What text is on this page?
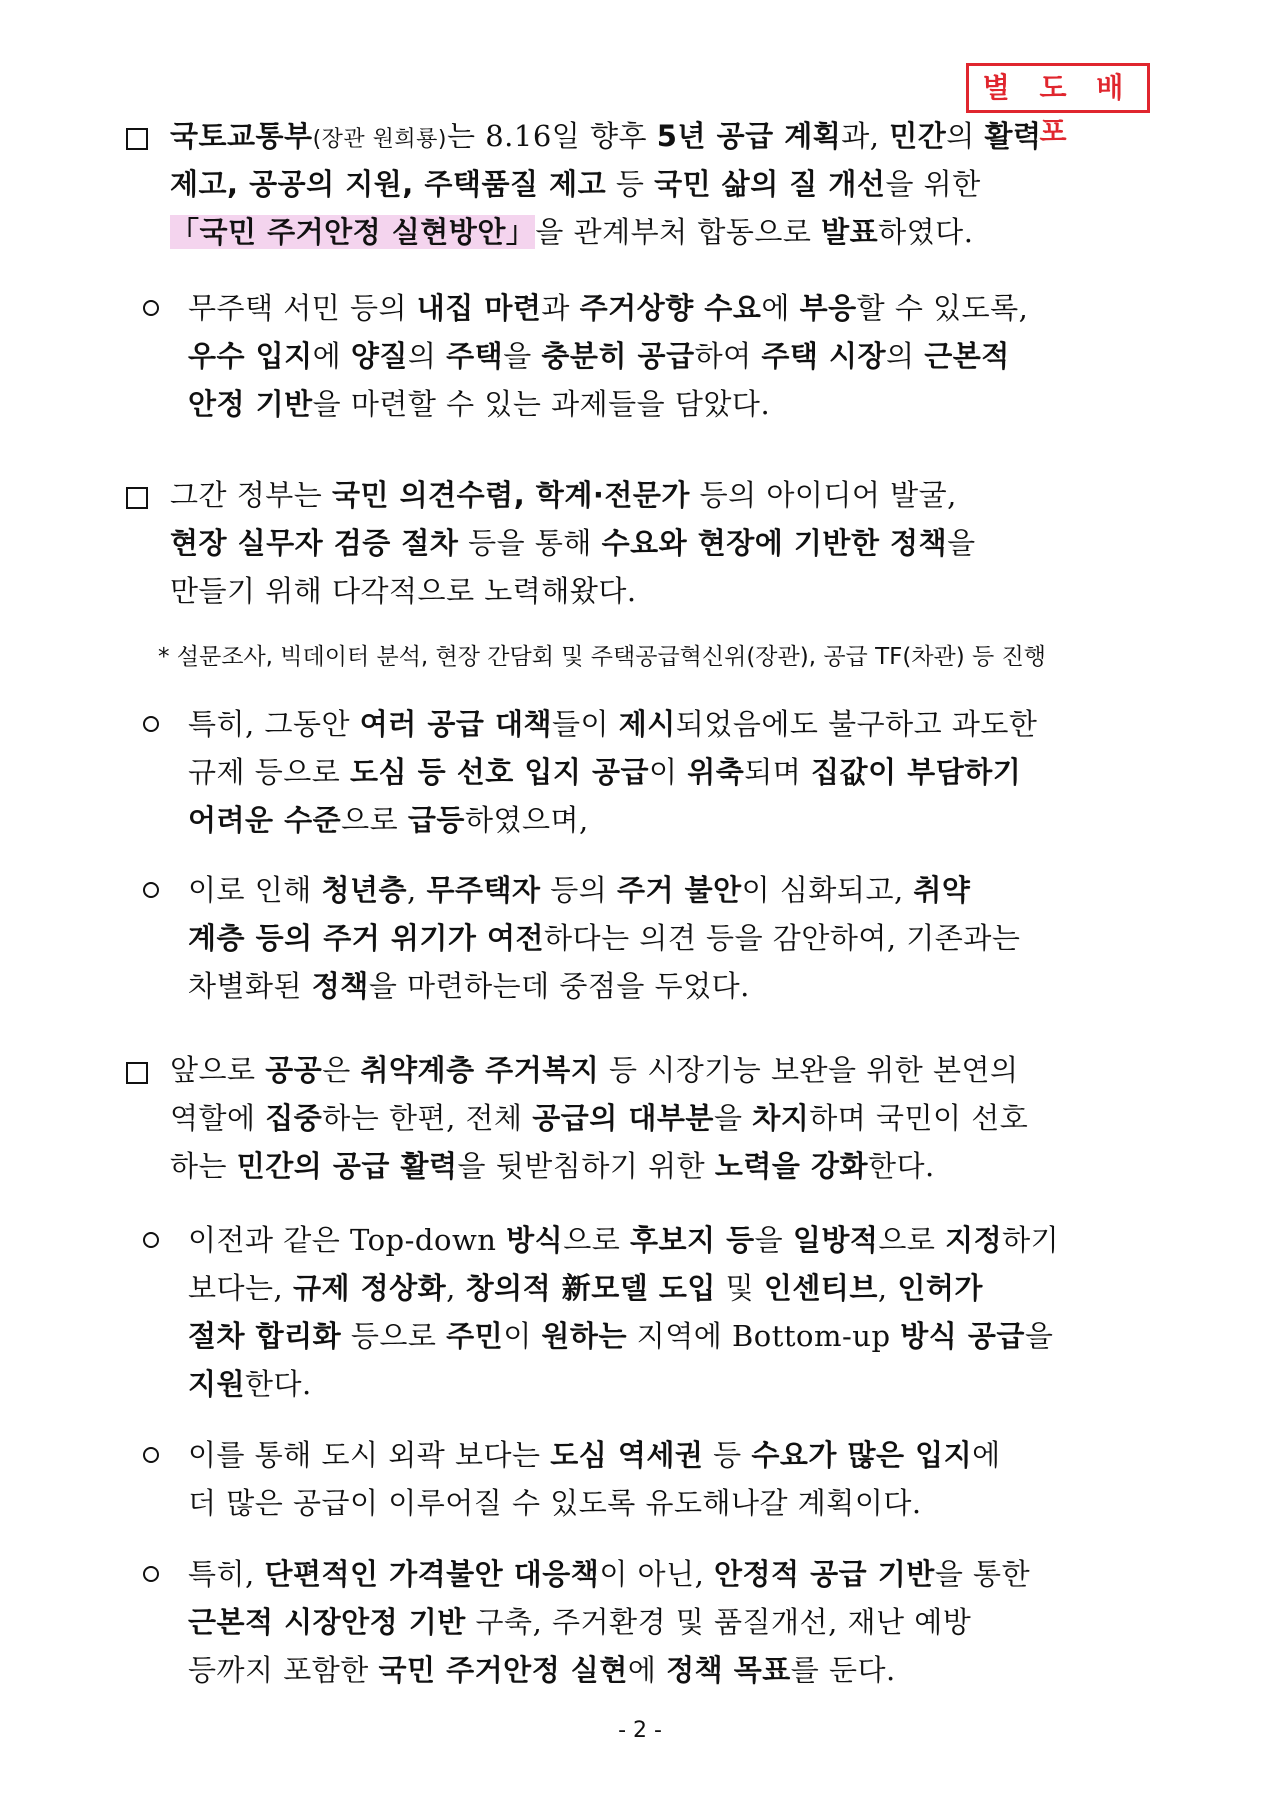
별 도 배 포
국토교통부(장관 원희룡)는 8.16일 향후 5년 공급 계획과, 민간의 활력
제고, 공공의 지원, 주택품질 제고 등 국민 삶의 질 개선을 위한
「국민 주거안정 실현방안」을 관계부처 합동으로 발표하였다.
무주택 서민 등의 내집 마련과 주거상향 수요에 부응할 수 있도록,
우수 입지에 양질의 주택을 충분히 공급하여 주택 시장의 근본적
안정 기반을 마련할 수 있는 과제들을 담았다.
그간 정부는 국민 의견수렴, 학계·전문가 등의 아이디어 발굴,
현장 실무자 검증 절차 등을 통해 수요와 현장에 기반한 정책을
만들기 위해 다각적으로 노력해왔다.
* 설문조사, 빅데이터 분석, 현장 간담회 및 주택공급혁신위(장관), 공급 TF(차관) 등 진행
특히, 그동안 여러 공급 대책들이 제시되었음에도 불구하고 과도한
규제 등으로 도심 등 선호 입지 공급이 위축되며 집값이 부담하기
어려운 수준으로 급등하였으며,
이로 인해 청년층, 무주택자 등의 주거 불안이 심화되고, 취약
계층 등의 주거 위기가 여전하다는 의견 등을 감안하여, 기존과는
차별화된 정책을 마련하는데 중점을 두었다.
앞으로 공공은 취약계층 주거복지 등 시장기능 보완을 위한 본연의
역할에 집중하는 한편, 전체 공급의 대부분을 차지하며 국민이 선호
하는 민간의 공급 활력을 뒷받침하기 위한 노력을 강화한다.
이전과 같은 Top-down 방식으로 후보지 등을 일방적으로 지정하기
보다는, 규제 정상화, 창의적 新모델 도입 및 인센티브, 인허가
절차 합리화 등으로 주민이 원하는 지역에 Bottom-up 방식 공급을
지원한다.
이를 통해 도시 외곽 보다는 도심 역세권 등 수요가 많은 입지에
더 많은 공급이 이루어질 수 있도록 유도해나갈 계획이다.
특히, 단편적인 가격불안 대응책이 아닌, 안정적 공급 기반을 통한
근본적 시장안정 기반 구축, 주거환경 및 품질개선, 재난 예방
등까지 포함한 국민 주거안정 실현에 정책 목표를 둔다.
- 2 -
